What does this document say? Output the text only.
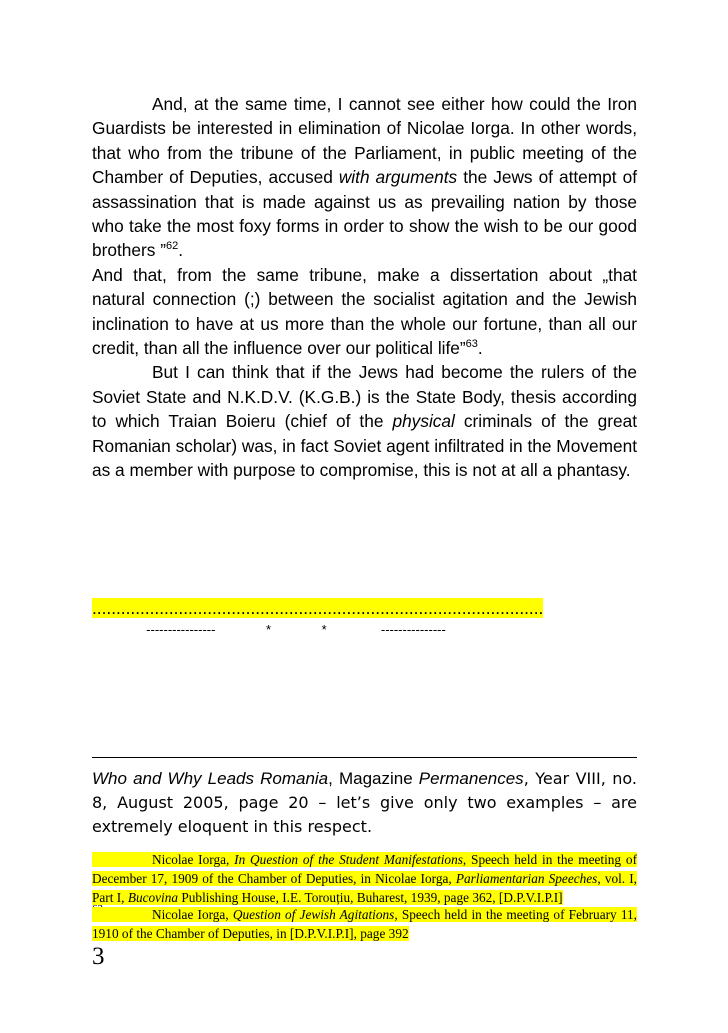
And, at the same time, I cannot see either how could the Iron Guardists be interested in elimination of Nicolae Iorga. In other words, that who from the tribune of the Parliament, in public meeting of the Chamber of Deputies, accused with arguments the Jews of attempt of assassination that is made against us as prevailing nation by those who take the most foxy forms in order to show the wish to be our good brothers ”$^{62}$.

And that, from the same tribune, make a dissertation about „that natural connection (;) between the socialist agitation and the Jewish inclination to have at us more than the whole our fortune, than all our credit, than all the influence over our political life”$^{63}$.

But I can think that if the Jews had become the rulers of the Soviet State and N.K.D.V. (K.G.B.) is the State Body, thesis according to which Traian Boieru (chief of the physical criminals of the great Romanian scholar) was, in fact Soviet agent infiltrated in the Movement as a member with purpose to compromise, this is not at all a phantasy.

..............................................................................................
----------------              *              *               ---------------
Who and Why Leads Romania, Magazine Permanences, Year VIII, no. 8, August 2005, page 20 – let’s give only two examples – are extremely eloquent in this respect.
Nicolae Iorga, In Question of the Student Manifestations, Speech held in the meeting of December 17, 1909 of the Chamber of Deputies, in Nicolae Iorga, Parliamentarian Speeches, vol. I, Part I, Bucovina Publishing House, I.E. Torouțiu, Buharest, 1939, page 362, [D.P.V.I.P.I]
Nicolae Iorga, Question of Jewish Agitations, Speech held in the meeting of February 11, 1910 of the Chamber of Deputies, in [D.P.V.I.P.I], page 392
3
